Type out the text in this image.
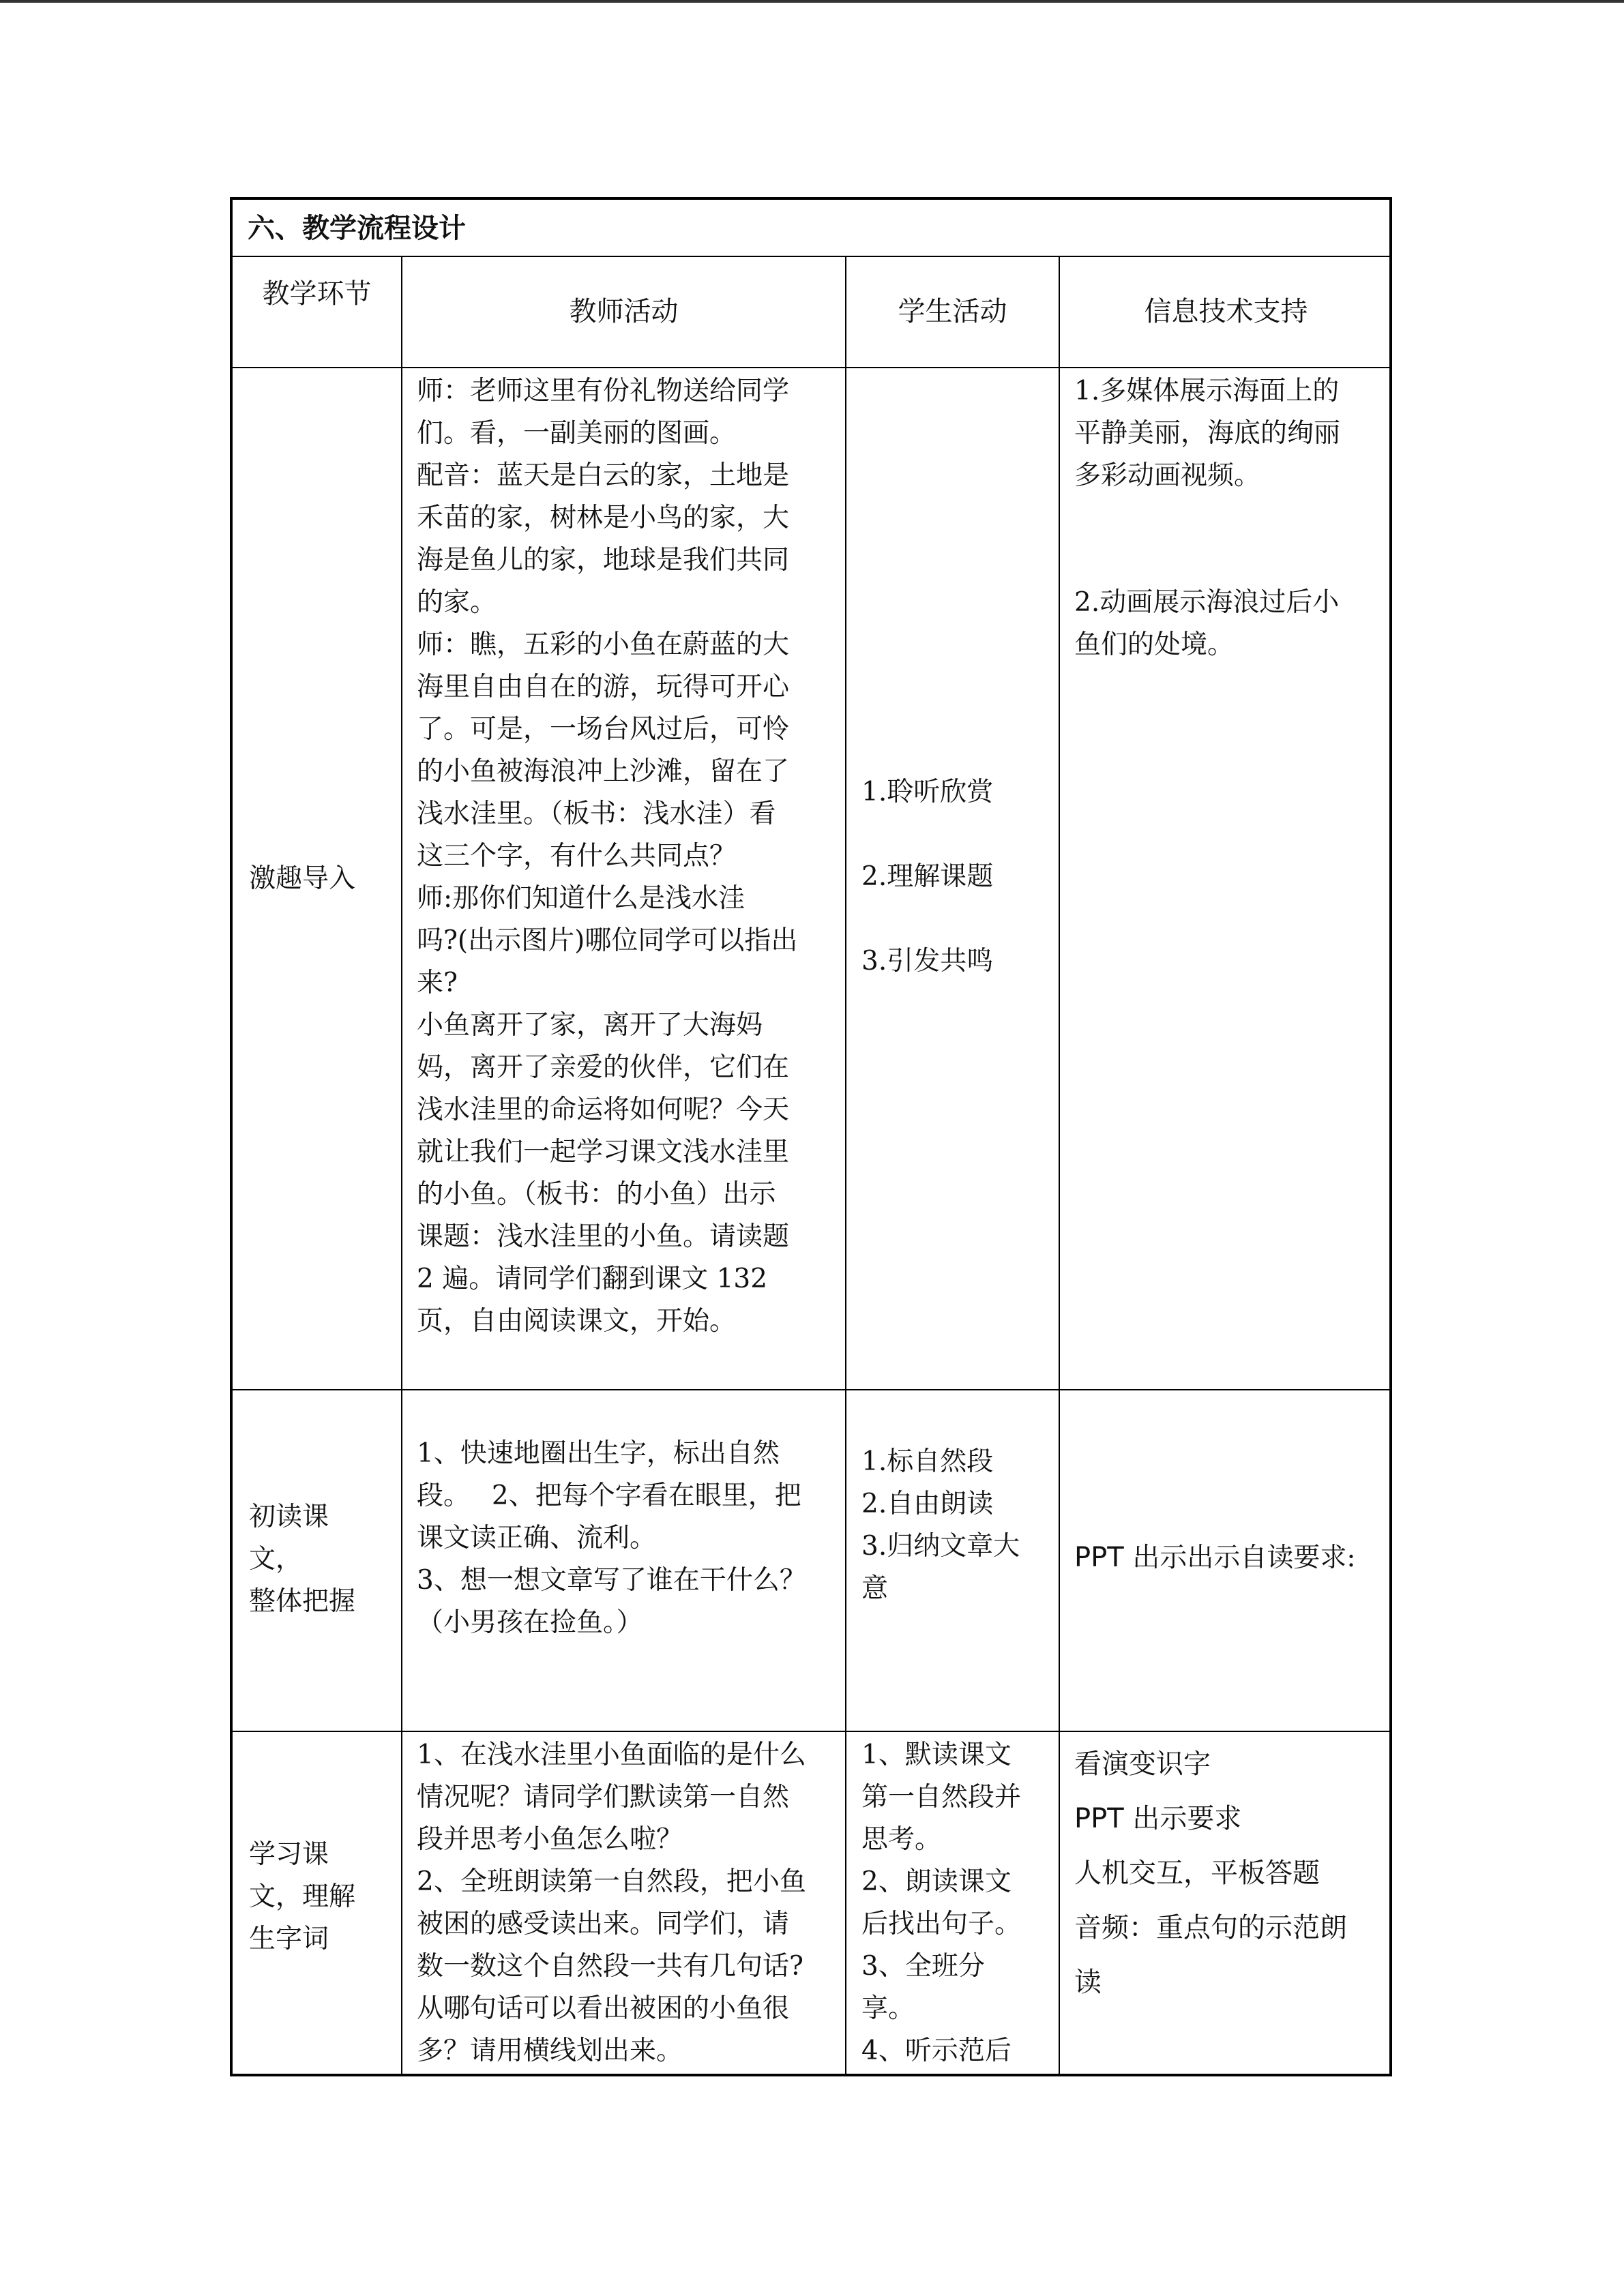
六、教学流程设计
教学环节
教师活动	学生活动	信息技术支持
激趣导入
师：老师这里有份礼物送给同学
们。看，一副美丽的图画。
配音：蓝天是白云的家，土地是
禾苗的家，树林是小鸟的家，大
海是鱼儿的家，地球是我们共同
的家。
师：瞧，五彩的小鱼在蔚蓝的大
海里自由自在的游，玩得可开心
了。可是，一场台风过后，可怜
的小鱼被海浪冲上沙滩，留在了
浅水洼里。（板书：浅水洼）看
这三个字，有什么共同点？
师:那你们知道什么是浅水洼
吗?(出示图片)哪位同学可以指出
来?
小鱼离开了家，离开了大海妈
妈，离开了亲爱的伙伴，它们在
浅水洼里的命运将如何呢？今天
就让我们一起学习课文浅水洼里
的小鱼。（板书：的小鱼）出示
课题：浅水洼里的小鱼。请读题
2 遍。请同学们翻到课文 132
页，自由阅读课文，开始。
1.聆听欣赏
2.理解课题
3.引发共鸣
1.多媒体展示海面上的
平静美丽，海底的绚丽
多彩动画视频。
2.动画展示海浪过后小
鱼们的处境。
初读课
文，
整体把握
1、快速地圈出生字，标出自然
段。　 2、把每个字看在眼里，把
课文读正确、流利。
3、想一想文章写了谁在干什么？
（小男孩在捡鱼。）
1.标自然段
2.自由朗读
3.归纳文章大
意
PPT 出示出示自读要求:
学习课
文，理解
生字词
1、在浅水洼里小鱼面临的是什么
情况呢？请同学们默读第一自然
段并思考小鱼怎么啦？
2、全班朗读第一自然段，把小鱼
被困的感受读出来。同学们，请
数一数这个自然段一共有几句话?
从哪句话可以看出被困的小鱼很
多？请用横线划出来。
1、默读课文
第一自然段并
思考。
2、朗读课文
后找出句子。
3、全班分
享。
4、听示范后
看演变识字
PPT 出示要求
人机交互，平板答题
音频：重点句的示范朗
读
